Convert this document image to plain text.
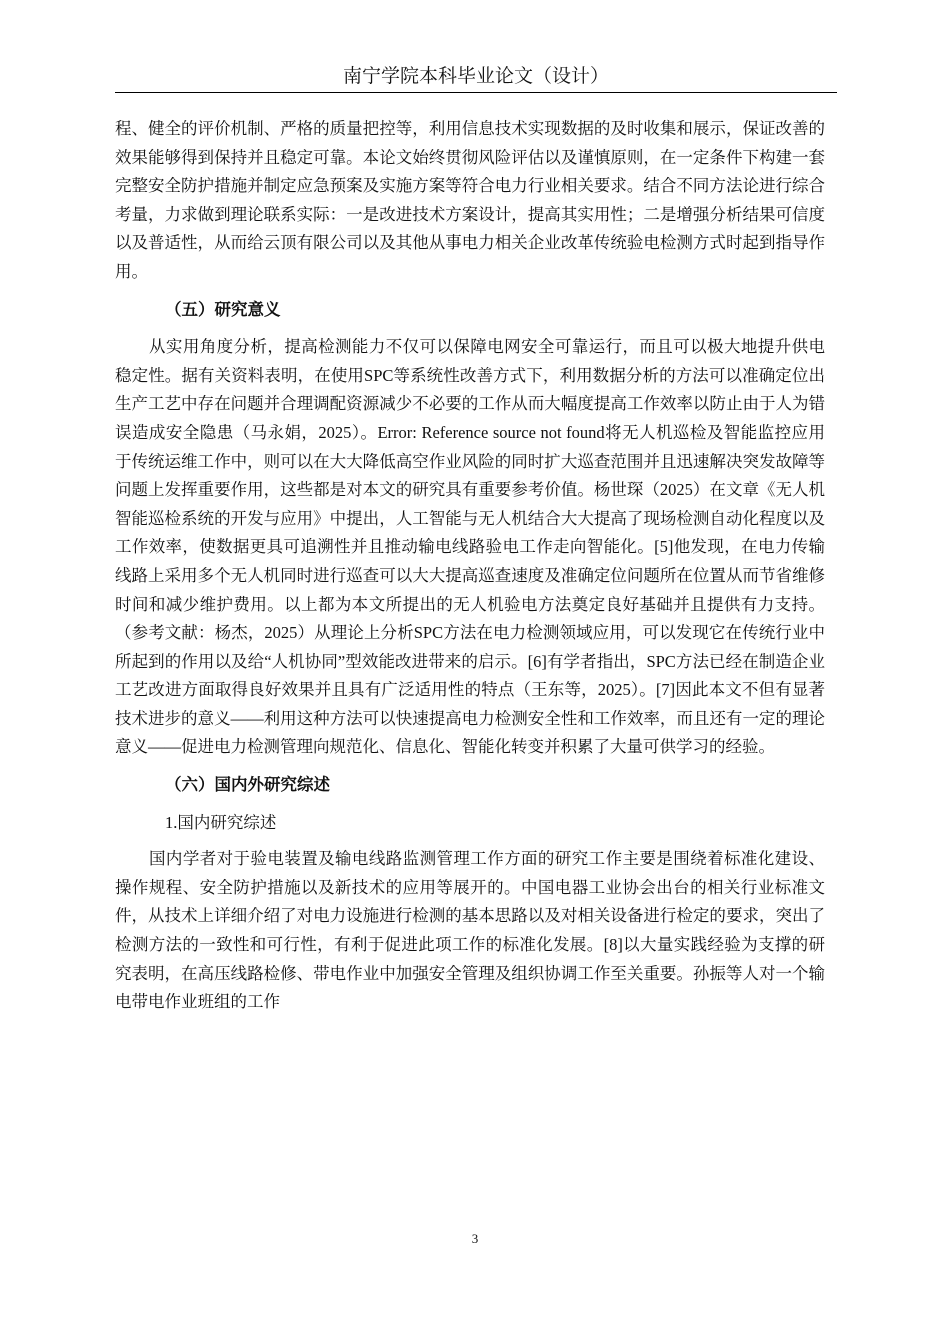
南宁学院本科毕业论文（设计）

程、健全的评价机制、严格的质量把控等，利用信息技术实现数据的及时收集和展示，保证改善的效果能够得到保持并且稳定可靠。本论文始终贯彻风险评估以及谨慎原则，在一定条件下构建一套完整安全防护措施并制定应急预案及实施方案等符合电力行业相关要求。结合不同方法论进行综合考量，力求做到理论联系实际：一是改进技术方案设计，提高其实用性；二是增强分析结果可信度以及普适性，从而给云顶有限公司以及其他从事电力相关企业改革传统验电检测方式时起到指导作用。

（五）研究意义

从实用角度分析，提高检测能力不仅可以保障电网安全可靠运行，而且可以极大地提升供电稳定性。据有关资料表明，在使用SPC等系统性改善方式下，利用数据分析的方法可以准确定位出生产工艺中存在问题并合理调配资源减少不必要的工作从而大幅度提高工作效率以防止由于人为错误造成安全隐患（马永娟，2025）。Error: Reference source not found将无人机巡检及智能监控应用于传统运维工作中，则可以在大大降低高空作业风险的同时扩大巡查范围并且迅速解决突发故障等问题上发挥重要作用，这些都是对本文的研究具有重要参考价值。杨世琛（2025）在文章《无人机智能巡检系统的开发与应用》中提出，人工智能与无人机结合大大提高了现场检测自动化程度以及工作效率，使数据更具可追溯性并且推动输电线路验电工作走向智能化。[5]他发现，在电力传输线路上采用多个无人机同时进行巡查可以大大提高巡查速度及准确定位问题所在位置从而节省维修时间和减少维护费用。以上都为本文所提出的无人机验电方法奠定良好基础并且提供有力支持。（参考文献：杨杰，2025）从理论上分析SPC方法在电力检测领域应用，可以发现它在传统行业中所起到的作用以及给“人机协同”型效能改进带来的启示。[6]有学者指出，SPC方法已经在制造企业工艺改进方面取得良好效果并且具有广泛适用性的特点（王东等，2025）。[7]因此本文不但有显著技术进步的意义——利用这种方法可以快速提高电力检测安全性和工作效率，而且还有一定的理论意义——促进电力检测管理向规范化、信息化、智能化转变并积累了大量可供学习的经验。

（六）国内外研究综述

1.国内研究综述

国内学者对于验电装置及输电线路监测管理工作方面的研究工作主要是围绕着标准化建设、操作规程、安全防护措施以及新技术的应用等展开的。中国电器工业协会出台的相关行业标准文件，从技术上详细介绍了对电力设施进行检测的基本思路以及对相关设备进行检定的要求，突出了检测方法的一致性和可行性，有利于促进此项工作的标准化发展。[8]以大量实践经验为支撑的研究表明，在高压线路检修、带电作业中加强安全管理及组织协调工作至关重要。孙振等人对一个输电带电作业班组的工作

3
